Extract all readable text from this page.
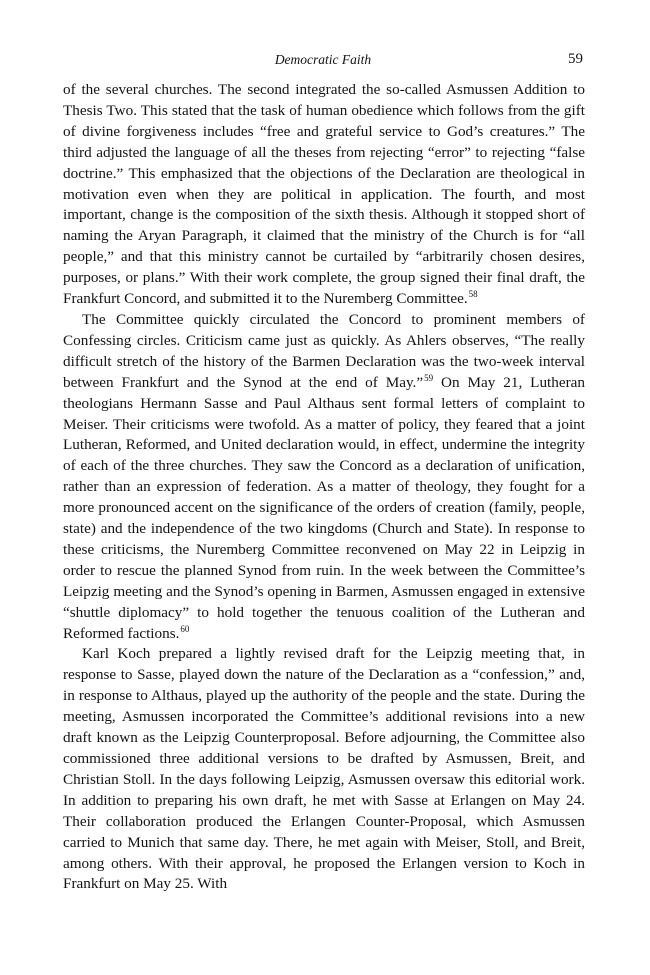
Democratic Faith	59

of the several churches. The second integrated the so-called Asmussen Addition to Thesis Two. This stated that the task of human obedience which follows from the gift of divine forgiveness includes “free and grateful service to God’s creatures.” The third adjusted the language of all the theses from rejecting “error” to rejecting “false doctrine.” This emphasized that the objections of the Declaration are theological in motivation even when they are political in application. The fourth, and most important, change is the composition of the sixth thesis. Although it stopped short of naming the Aryan Paragraph, it claimed that the ministry of the Church is for “all people,” and that this ministry cannot be curtailed by “arbitrarily chosen desires, purposes, or plans.” With their work complete, the group signed their final draft, the Frankfurt Concord, and submitted it to the Nuremberg Committee.$^{58}$

The Committee quickly circulated the Concord to prominent members of Confessing circles. Criticism came just as quickly. As Ahlers observes, “The really difficult stretch of the history of the Barmen Declaration was the two-week interval between Frankfurt and the Synod at the end of May.”$^{59}$ On May 21, Lutheran theologians Hermann Sasse and Paul Althaus sent formal letters of complaint to Meiser. Their criticisms were twofold. As a matter of policy, they feared that a joint Lutheran, Reformed, and United declaration would, in effect, undermine the integrity of each of the three churches. They saw the Concord as a declaration of unification, rather than an expression of federation. As a matter of theology, they fought for a more pronounced accent on the significance of the orders of creation (family, people, state) and the independence of the two kingdoms (Church and State). In response to these criticisms, the Nuremberg Committee reconvened on May 22 in Leipzig in order to rescue the planned Synod from ruin. In the week between the Committee’s Leipzig meeting and the Synod’s opening in Barmen, Asmussen engaged in extensive “shuttle diplomacy” to hold together the tenuous coalition of the Lutheran and Reformed factions.$^{60}$

Karl Koch prepared a lightly revised draft for the Leipzig meeting that, in response to Sasse, played down the nature of the Declaration as a “confession,” and, in response to Althaus, played up the authority of the people and the state. During the meeting, Asmussen incorporated the Committee’s additional revisions into a new draft known as the Leipzig Counterproposal. Before adjourning, the Committee also commissioned three additional versions to be drafted by Asmussen, Breit, and Christian Stoll. In the days following Leipzig, Asmussen oversaw this editorial work. In addition to preparing his own draft, he met with Sasse at Erlangen on May 24. Their collaboration produced the Erlangen Counter-Proposal, which Asmussen carried to Munich that same day. There, he met again with Meiser, Stoll, and Breit, among others. With their approval, he proposed the Erlangen version to Koch in Frankfurt on May 25. With
